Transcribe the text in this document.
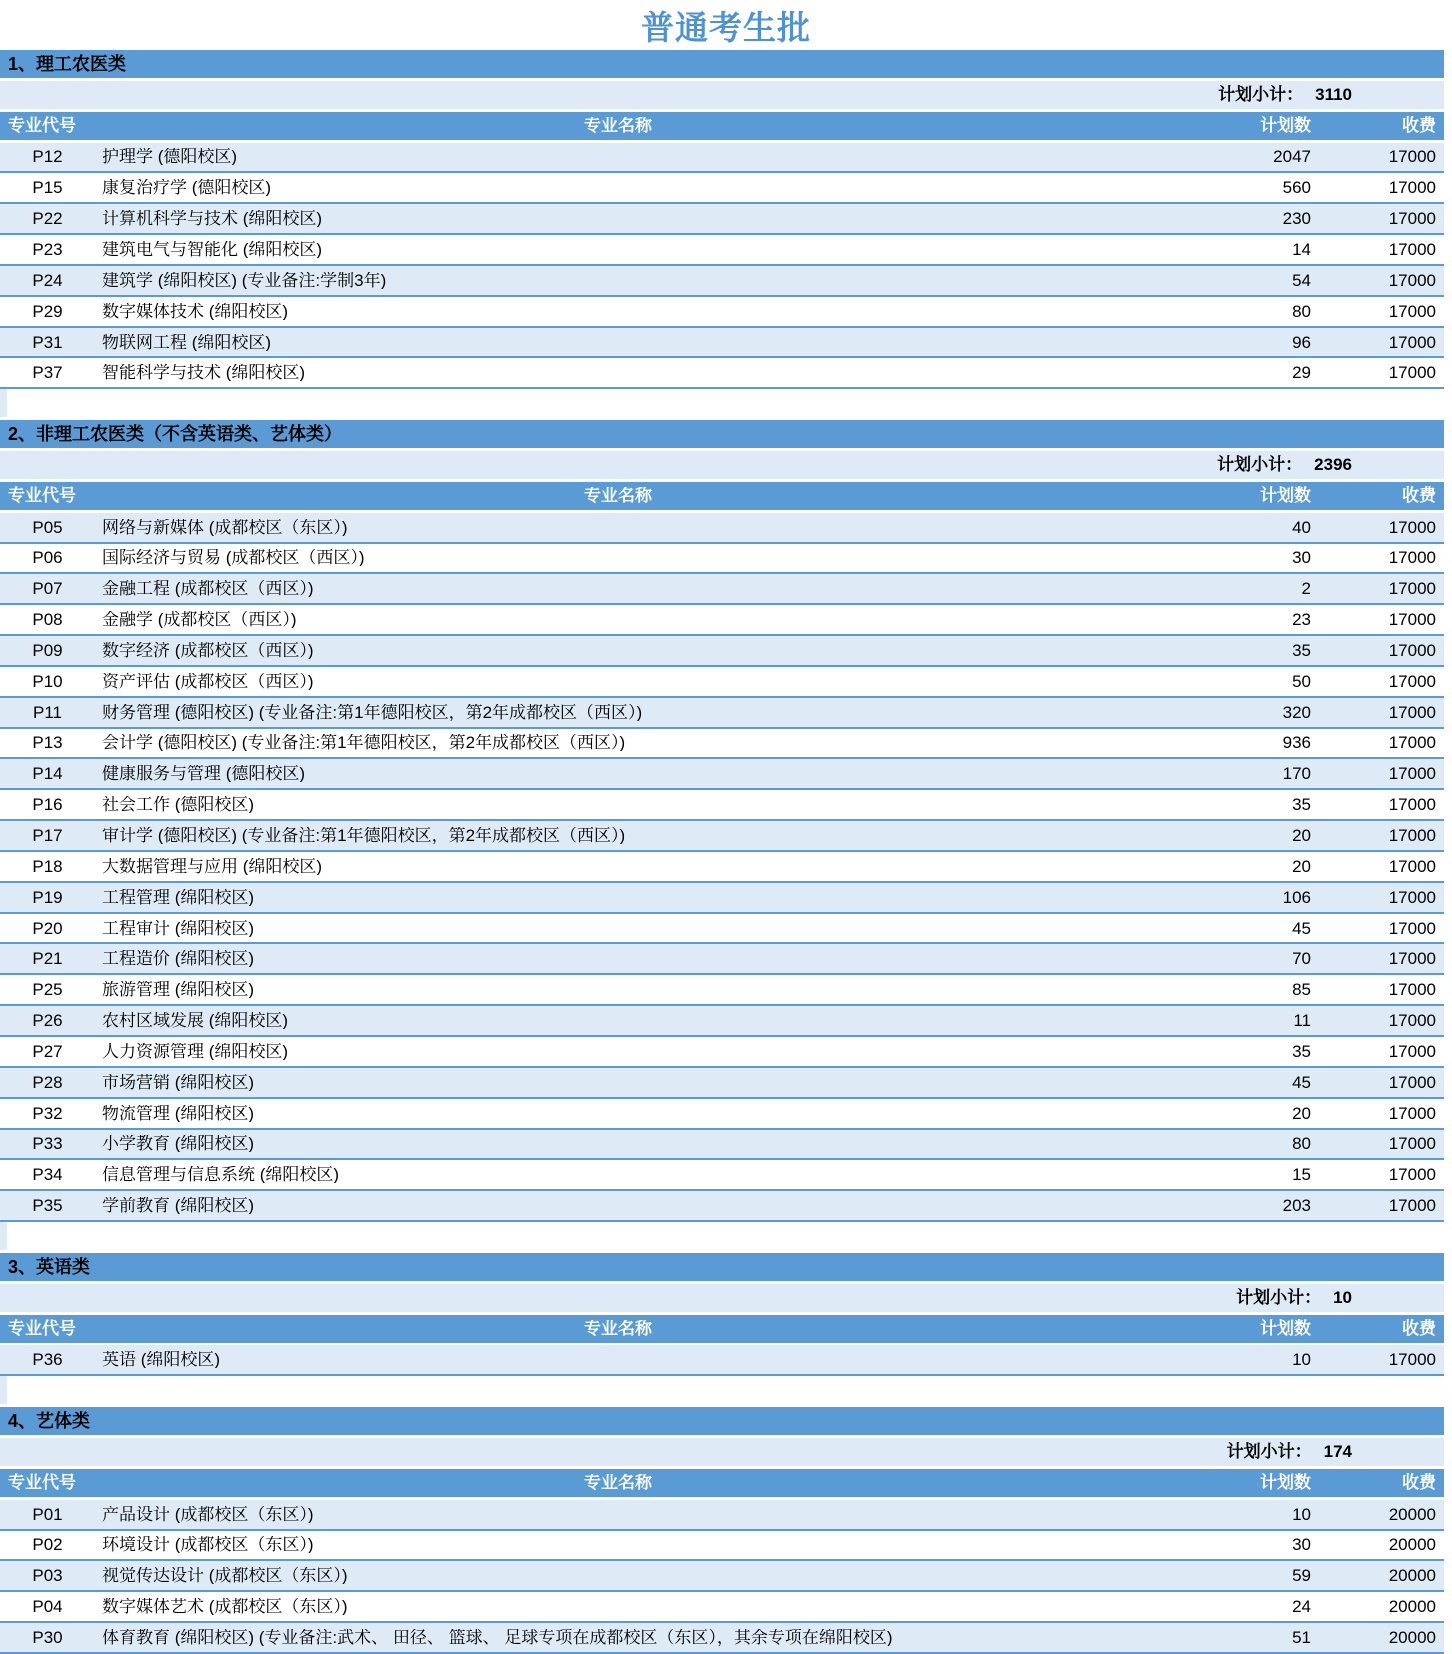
普通考生批
1、理工农医类
计划小计： 3110
专业代号	专业名称	计划数	收费
P12	护理学 (德阳校区)	2047	17000
P15	康复治疗学 (德阳校区)	560	17000
P22	计算机科学与技术 (绵阳校区)	230	17000
P23	建筑电气与智能化 (绵阳校区)	14	17000
P24	建筑学 (绵阳校区) (专业备注:学制3年)	54	17000
P29	数字媒体技术 (绵阳校区)	80	17000
P31	物联网工程 (绵阳校区)	96	17000
P37	智能科学与技术 (绵阳校区)	29	17000
2、非理工农医类（不含英语类、艺体类）
计划小计： 2396
专业代号	专业名称	计划数	收费
P05	网络与新媒体 (成都校区（东区）)	40	17000
P06	国际经济与贸易 (成都校区（西区）)	30	17000
P07	金融工程 (成都校区（西区）)	2	17000
P08	金融学 (成都校区（西区）)	23	17000
P09	数字经济 (成都校区（西区）)	35	17000
P10	资产评估 (成都校区（西区）)	50	17000
P11	财务管理 (德阳校区) (专业备注:第1年德阳校区，第2年成都校区（西区）)	320	17000
P13	会计学 (德阳校区) (专业备注:第1年德阳校区，第2年成都校区（西区）)	936	17000
P14	健康服务与管理 (德阳校区)	170	17000
P16	社会工作 (德阳校区)	35	17000
P17	审计学 (德阳校区) (专业备注:第1年德阳校区，第2年成都校区（西区）)	20	17000
P18	大数据管理与应用 (绵阳校区)	20	17000
P19	工程管理 (绵阳校区)	106	17000
P20	工程审计 (绵阳校区)	45	17000
P21	工程造价 (绵阳校区)	70	17000
P25	旅游管理 (绵阳校区)	85	17000
P26	农村区域发展 (绵阳校区)	11	17000
P27	人力资源管理 (绵阳校区)	35	17000
P28	市场营销 (绵阳校区)	45	17000
P32	物流管理 (绵阳校区)	20	17000
P33	小学教育 (绵阳校区)	80	17000
P34	信息管理与信息系统 (绵阳校区)	15	17000
P35	学前教育 (绵阳校区)	203	17000
3、英语类
计划小计： 10
专业代号	专业名称	计划数	收费
P36	英语 (绵阳校区)	10	17000
4、艺体类
计划小计： 174
专业代号	专业名称	计划数	收费
P01	产品设计 (成都校区（东区）)	10	20000
P02	环境设计 (成都校区（东区）)	30	20000
P03	视觉传达设计 (成都校区（东区）)	59	20000
P04	数字媒体艺术 (成都校区（东区）)	24	20000
P30	体育教育 (绵阳校区) (专业备注:武术、 田径、 篮球、 足球专项在成都校区（东区），其余专项在绵阳校区)	51	20000
